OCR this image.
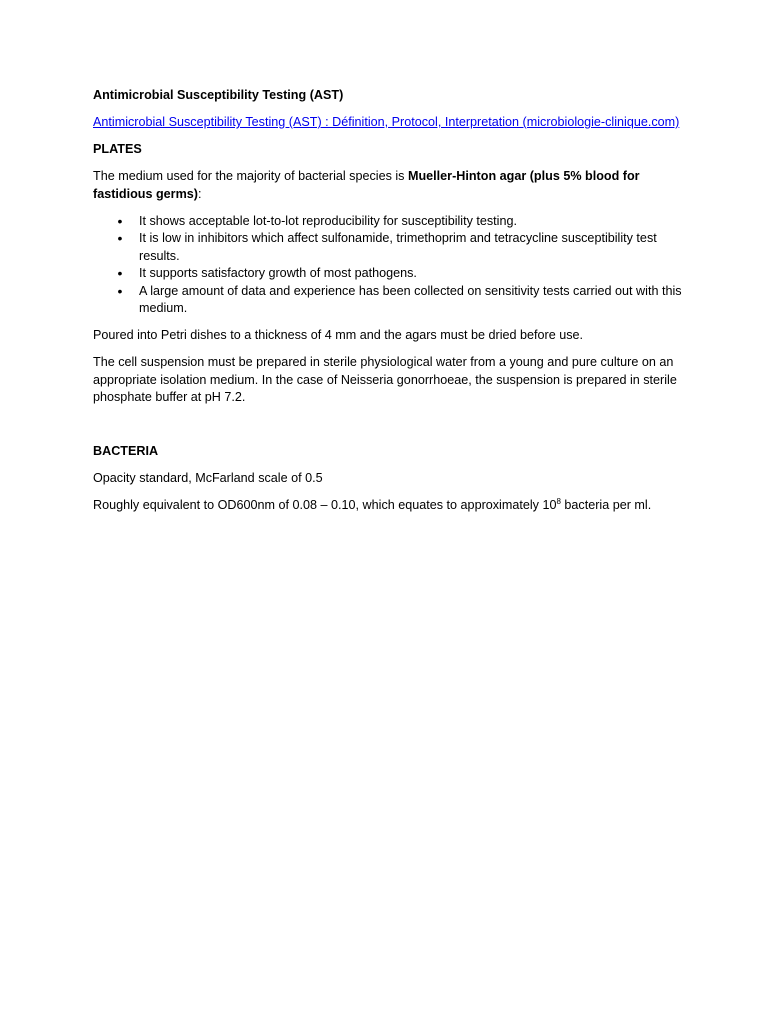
Antimicrobial Susceptibility Testing (AST)

Antimicrobial Susceptibility Testing (AST) : Définition, Protocol, Interpretation (microbiologie-clinique.com)

PLATES

The medium used for the majority of bacterial species is Mueller-Hinton agar (plus 5% blood for fastidious germs):

• It shows acceptable lot-to-lot reproducibility for susceptibility testing.
• It is low in inhibitors which affect sulfonamide, trimethoprim and tetracycline susceptibility test results.
• It supports satisfactory growth of most pathogens.
• A large amount of data and experience has been collected on sensitivity tests carried out with this medium.

Poured into Petri dishes to a thickness of 4 mm and the agars must be dried before use.

The cell suspension must be prepared in sterile physiological water from a young and pure culture on an appropriate isolation medium. In the case of Neisseria gonorrhoeae, the suspension is prepared in sterile phosphate buffer at pH 7.2.

BACTERIA

Opacity standard, McFarland scale of 0.5

Roughly equivalent to OD600nm of 0.08 – 0.10, which equates to approximately $10^8$ bacteria per ml.
